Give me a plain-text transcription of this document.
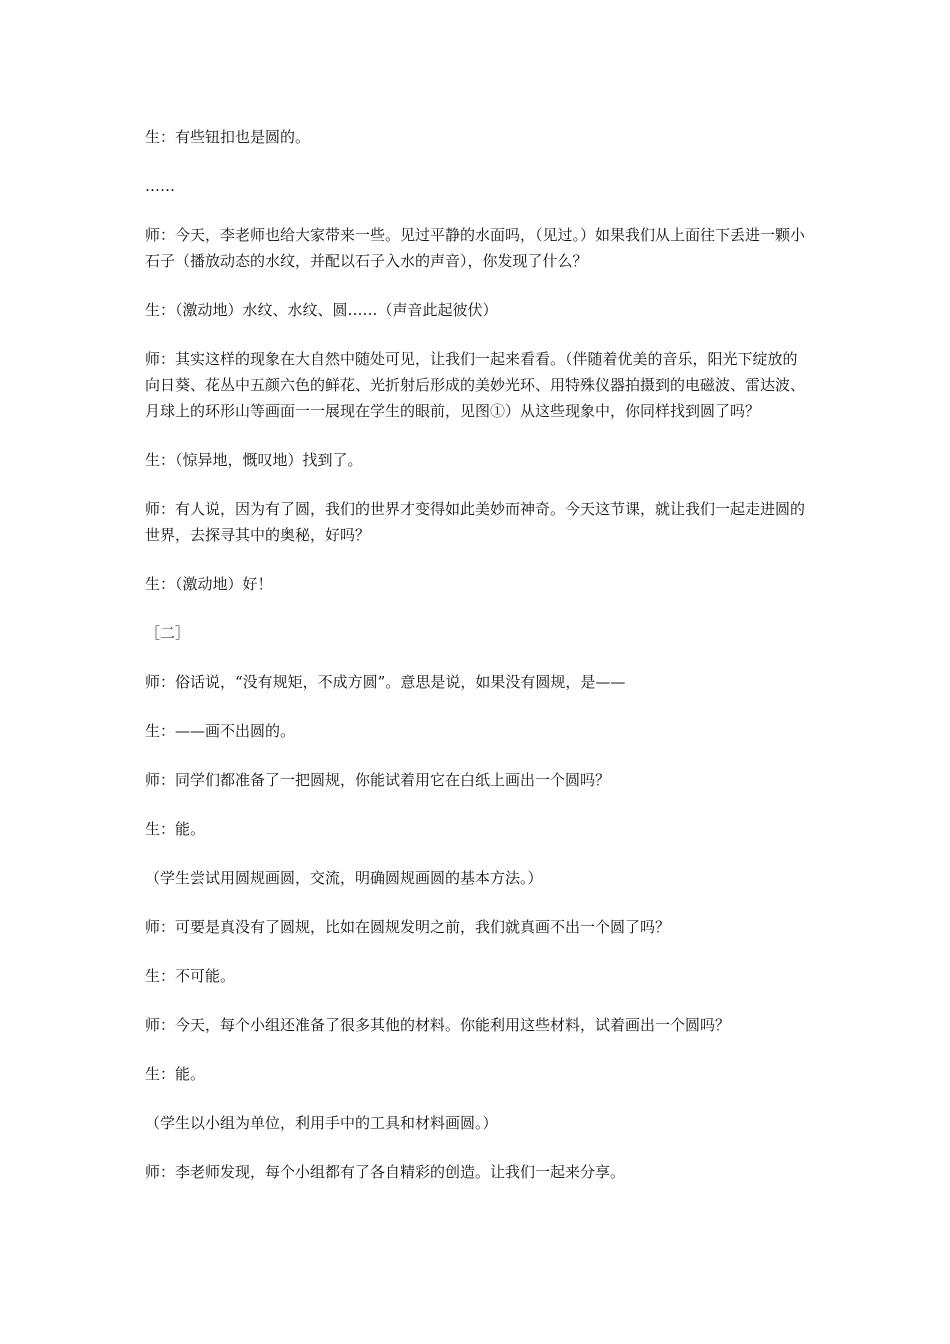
生：有些钮扣也是圆的。

……

师：今天，李老师也给大家带来一些。见过平静的水面吗，（见过。）如果我们从上面往下丢进一颗小石子（播放动态的水纹，并配以石子入水的声音），你发现了什么？

生：（激动地）水纹、水纹、圆……（声音此起彼伏）

师：其实这样的现象在大自然中随处可见，让我们一起来看看。（伴随着优美的音乐，阳光下绽放的向日葵、花丛中五颜六色的鲜花、光折射后形成的美妙光环、用特殊仪器拍摄到的电磁波、雷达波、月球上的环形山等画面一一展现在学生的眼前，见图①）从这些现象中，你同样找到圆了吗？

生：（惊异地，慨叹地）找到了。

师：有人说，因为有了圆，我们的世界才变得如此美妙而神奇。今天这节课，就让我们一起走进圆的世界，去探寻其中的奥秘，好吗？

生：（激动地）好！

［二］

师：俗话说，“没有规矩，不成方圆”。意思是说，如果没有圆规，是——

生：——画不出圆的。

师：同学们都准备了一把圆规，你能试着用它在白纸上画出一个圆吗？

生：能。

（学生尝试用圆规画圆，交流，明确圆规画圆的基本方法。）

师：可要是真没有了圆规，比如在圆规发明之前，我们就真画不出一个圆了吗？

生：不可能。

师：今天，每个小组还准备了很多其他的材料。你能利用这些材料，试着画出一个圆吗？

生：能。

（学生以小组为单位，利用手中的工具和材料画圆。）

师：李老师发现，每个小组都有了各自精彩的创造。让我们一起来分享。
